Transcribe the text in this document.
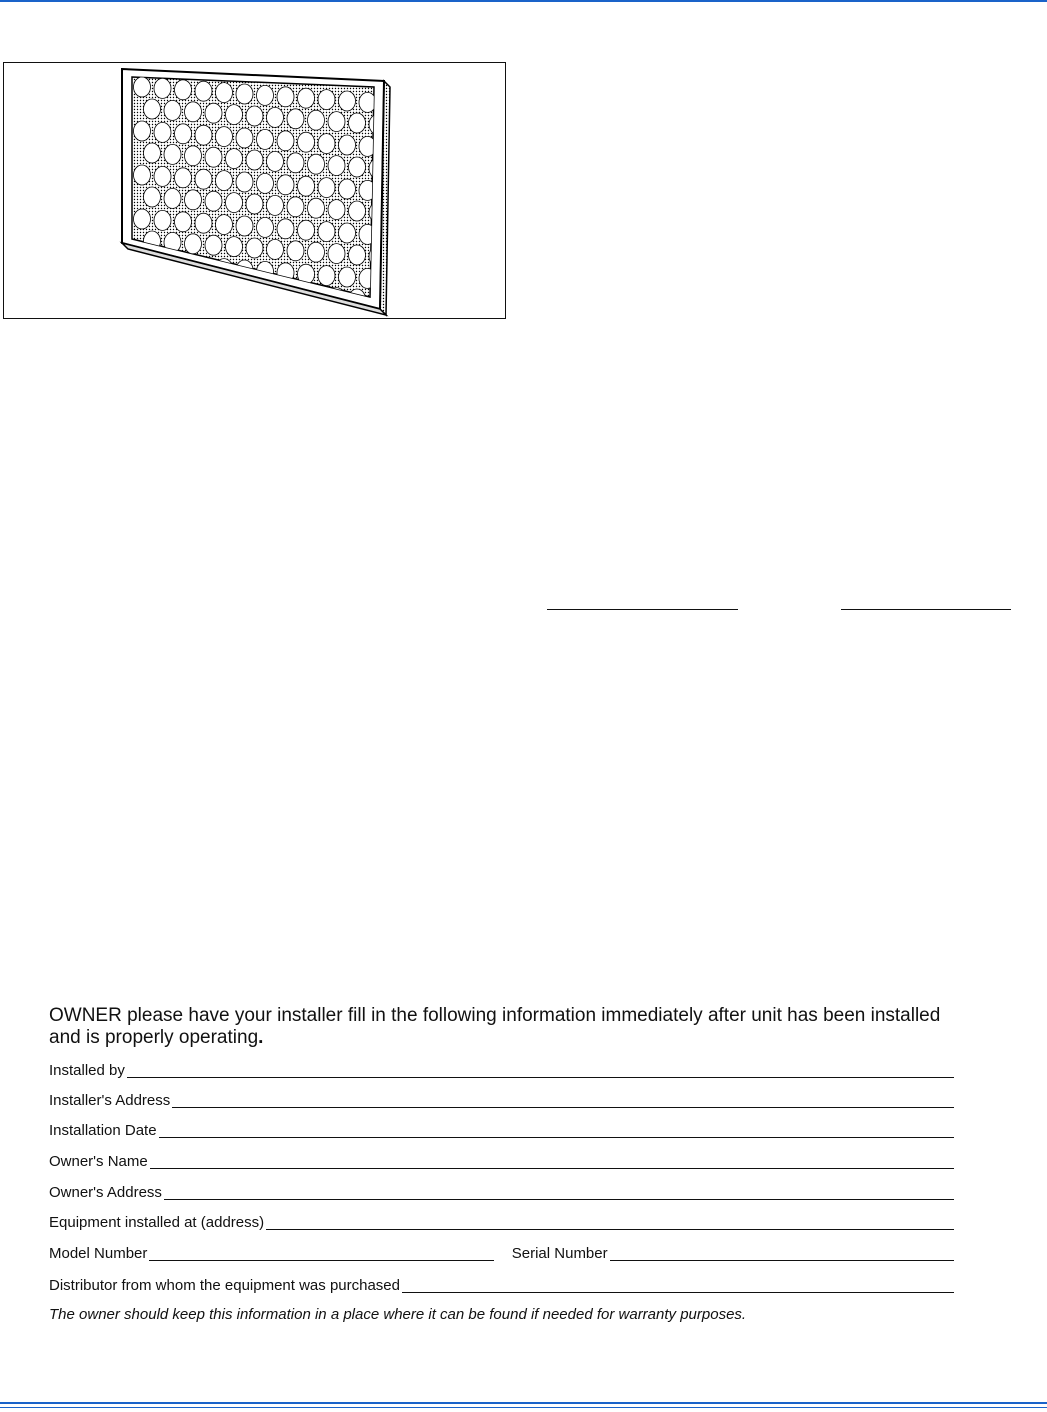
OWNER please have your installer fill in the following information immediately after unit has been installed and is properly operating.
Installed by
Installer's Address
Installation Date
Owner's Name
Owner's Address
Equipment installed at (address)
Model Number	Serial Number
Distributor from whom the equipment was purchased
The owner should keep this information in a place where it can be found if needed for warranty purposes.
